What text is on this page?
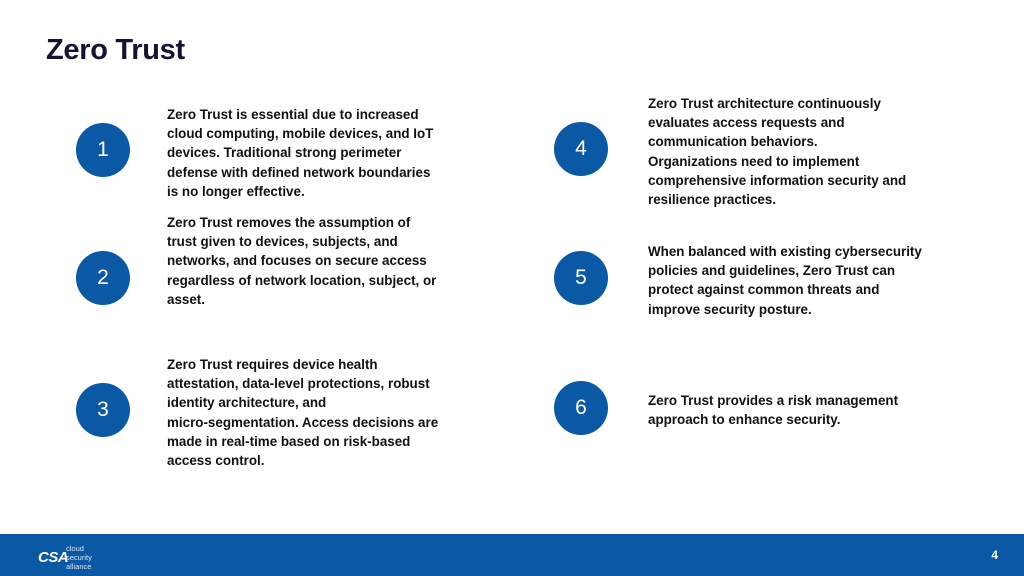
Zero Trust
1
Zero Trust is essential due to increased
cloud computing, mobile devices, and IoT
devices. Traditional strong perimeter
defense with defined network boundaries
is no longer effective.
2
Zero Trust removes the assumption of
trust given to devices, subjects, and
networks, and focuses on secure access
regardless of network location, subject, or
asset.
3
Zero Trust requires device health
attestation, data-level protections, robust
identity architecture, and
micro-segmentation. Access decisions are
made in real-time based on risk-based
access control.
4
Zero Trust architecture continuously
evaluates access requests and
communication behaviors.
Organizations need to implement
comprehensive information security and
resilience practices.
5
When balanced with existing cybersecurity
policies and guidelines, Zero Trust can
protect against common threats and
improve security posture.
6	Zero Trust provides a risk management
approach to enhance security.
CSA
cloud
security
alliance
4
